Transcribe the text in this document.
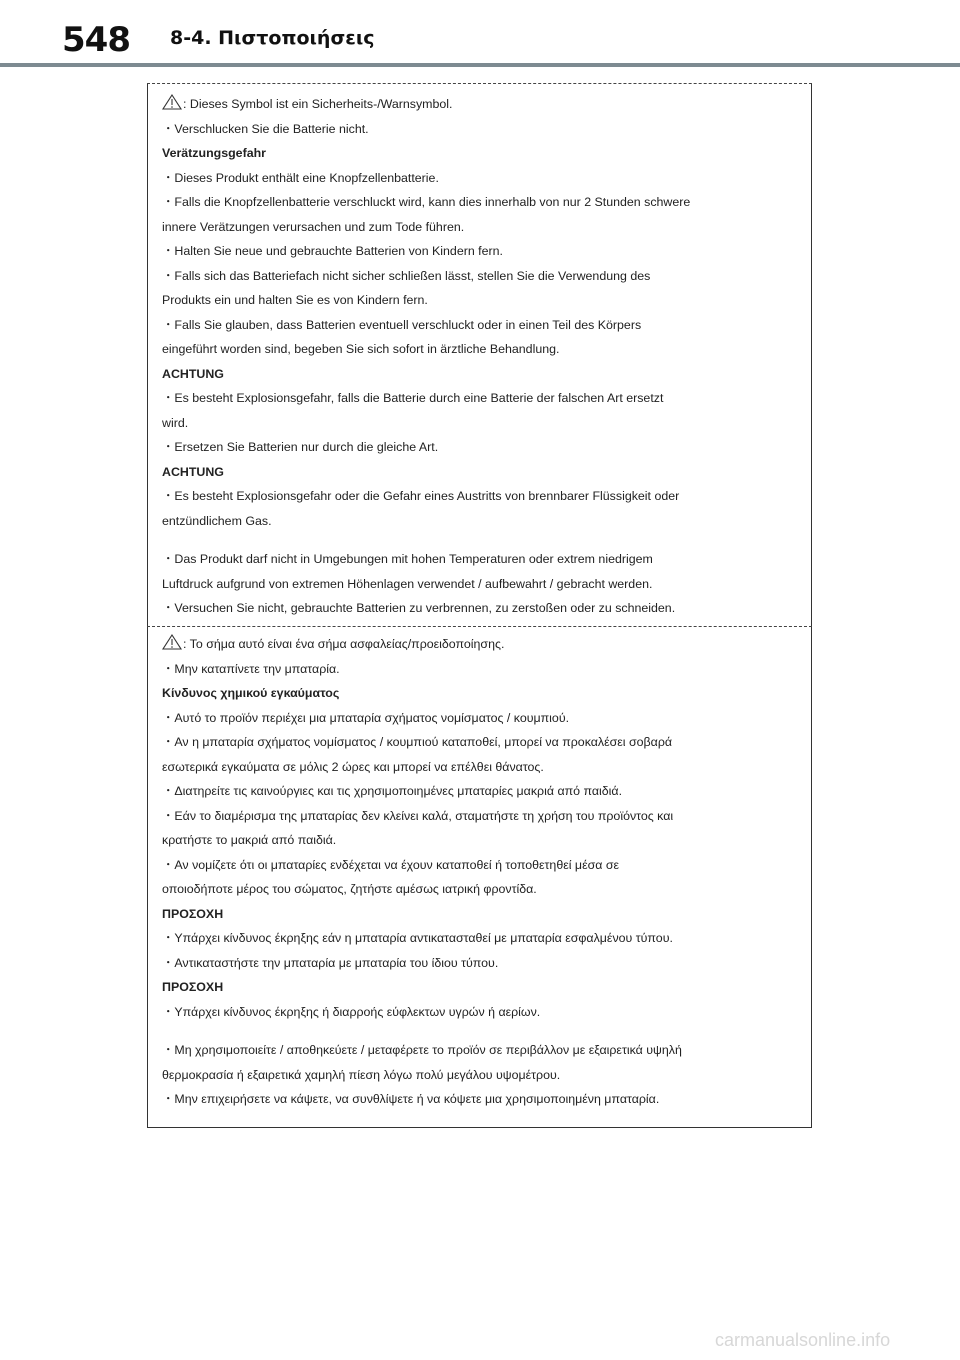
548 8-4. Πιστοποιήσεις
: Dieses Symbol ist ein Sicherheits-/Warnsymbol.
・Verschlucken Sie die Batterie nicht.
Verätzungsgefahr
・Dieses Produkt enthält eine Knopfzellenbatterie.
・Falls die Knopfzellenbatterie verschluckt wird, kann dies innerhalb von nur 2 Stunden schwere
innere Verätzungen verursachen und zum Tode führen.
・Halten Sie neue und gebrauchte Batterien von Kindern fern.
・Falls sich das Batteriefach nicht sicher schließen lässt, stellen Sie die Verwendung des
Produkts ein und halten Sie es von Kindern fern.
・Falls Sie glauben, dass Batterien eventuell verschluckt oder in einen Teil des Körpers
eingeführt worden sind, begeben Sie sich sofort in ärztliche Behandlung.
ACHTUNG
・Es besteht Explosionsgefahr, falls die Batterie durch eine Batterie der falschen Art ersetzt
wird.
・Ersetzen Sie Batterien nur durch die gleiche Art.
ACHTUNG
・Es besteht Explosionsgefahr oder die Gefahr eines Austritts von brennbarer Flüssigkeit oder
entzündlichem Gas.
・Das Produkt darf nicht in Umgebungen mit hohen Temperaturen oder extrem niedrigem
Luftdruck aufgrund von extremen Höhenlagen verwendet / aufbewahrt / gebracht werden.
・Versuchen Sie nicht, gebrauchte Batterien zu verbrennen, zu zerstoßen oder zu schneiden.
: Το σήμα αυτό είναι ένα σήμα ασφαλείας/προειδοποίησης.
・Μην καταπίνετε την μπαταρία.
Κίνδυνος χημικού εγκαύματος
・Αυτό το προϊόν περιέχει μια μπαταρία σχήματος νομίσματος / κουμπιού.
・Αν η μπαταρία σχήματος νομίσματος / κουμπιού καταποθεί, μπορεί να προκαλέσει σοβαρά
εσωτερικά εγκαύματα σε μόλις 2 ώρες και μπορεί να επέλθει θάνατος.
・Διατηρείτε τις καινούργιες και τις χρησιμοποιημένες μπαταρίες μακριά από παιδιά.
・Εάν το διαμέρισμα της μπαταρίας δεν κλείνει καλά, σταματήστε τη χρήση του προϊόντος και
κρατήστε το μακριά από παιδιά.
・Αν νομίζετε ότι οι μπαταρίες ενδέχεται να έχουν καταποθεί ή τοποθετηθεί μέσα σε
οποιοδήποτε μέρος του σώματος, ζητήστε αμέσως ιατρική φροντίδα.
ΠΡΟΣΟΧΗ
・Υπάρχει κίνδυνος έκρηξης εάν η μπαταρία αντικατασταθεί με μπαταρία εσφαλμένου τύπου.
・Αντικαταστήστε την μπαταρία με μπαταρία του ίδιου τύπου.
ΠΡΟΣΟΧΗ
・Υπάρχει κίνδυνος έκρηξης ή διαρροής εύφλεκτων υγρών ή αερίων.
・Μη χρησιμοποιείτε / αποθηκεύετε / μεταφέρετε το προϊόν σε περιβάλλον με εξαιρετικά υψηλή
θερμοκρασία ή εξαιρετικά χαμηλή πίεση λόγω πολύ μεγάλου υψομέτρου.
・Μην επιχειρήσετε να κάψετε, να συνθλίψετε ή να κόψετε μια χρησιμοποιημένη μπαταρία.
carmanualsonline.info
